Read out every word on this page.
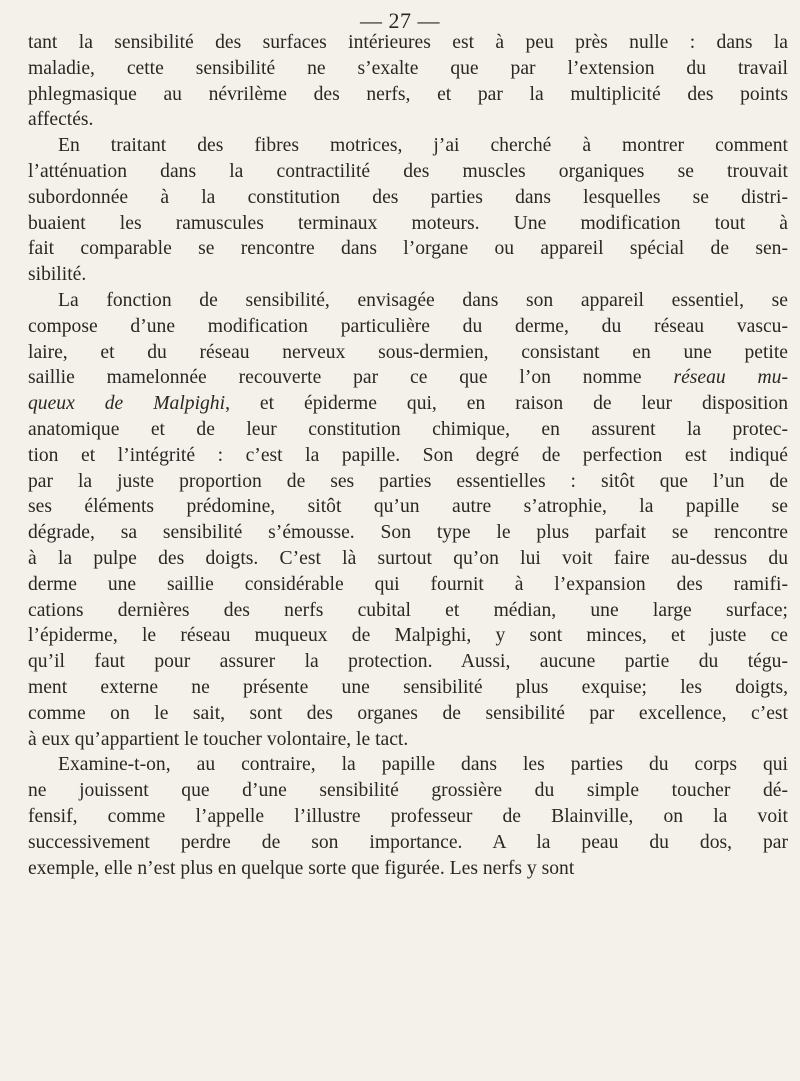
— 27 —
tant la sensibilité des surfaces intérieures est à peu près nulle : dans la
maladie, cette sensibilité ne s’exalte que par l’extension du travail
phlegmasique au névrilème des nerfs, et par la multiplicité des points
affectés.
En traitant des fibres motrices, j’ai cherché à montrer comment
l’atténuation dans la contractilité des muscles organiques se trouvait
subordonnée à la constitution des parties dans lesquelles se distri-
buaient les ramuscules terminaux moteurs. Une modification tout à
fait comparable se rencontre dans l’organe ou appareil spécial de sen-
sibilité.
La fonction de sensibilité, envisagée dans son appareil essentiel, se
compose d’une modification particulière du derme, du réseau vascu-
laire, et du réseau nerveux sous-dermien, consistant en une petite
saillie mamelonnée recouverte par ce que l’on nomme réseau mu-
queux de Malpighi, et épiderme qui, en raison de leur disposition
anatomique et de leur constitution chimique, en assurent la protec-
tion et l’intégrité : c’est la papille. Son degré de perfection est indiqué
par la juste proportion de ses parties essentielles : sitôt que l’un de
ses éléments prédomine, sitôt qu’un autre s’atrophie, la papille se
dégrade, sa sensibilité s’émousse. Son type le plus parfait se rencontre
à la pulpe des doigts. C’est là surtout qu’on lui voit faire au-dessus du
derme une saillie considérable qui fournit à l’expansion des ramifi-
cations dernières des nerfs cubital et médian, une large surface;
l’épiderme, le réseau muqueux de Malpighi, y sont minces, et juste ce
qu’il faut pour assurer la protection. Aussi, aucune partie du tégu-
ment externe ne présente une sensibilité plus exquise; les doigts,
comme on le sait, sont des organes de sensibilité par excellence, c’est
à eux qu’appartient le toucher volontaire, le tact.
Examine-t-on, au contraire, la papille dans les parties du corps qui
ne jouissent que d’une sensibilité grossière du simple toucher dé-
fensif, comme l’appelle l’illustre professeur de Blainville, on la voit
successivement perdre de son importance. A la peau du dos, par
exemple, elle n’est plus en quelque sorte que figurée. Les nerfs y sont
